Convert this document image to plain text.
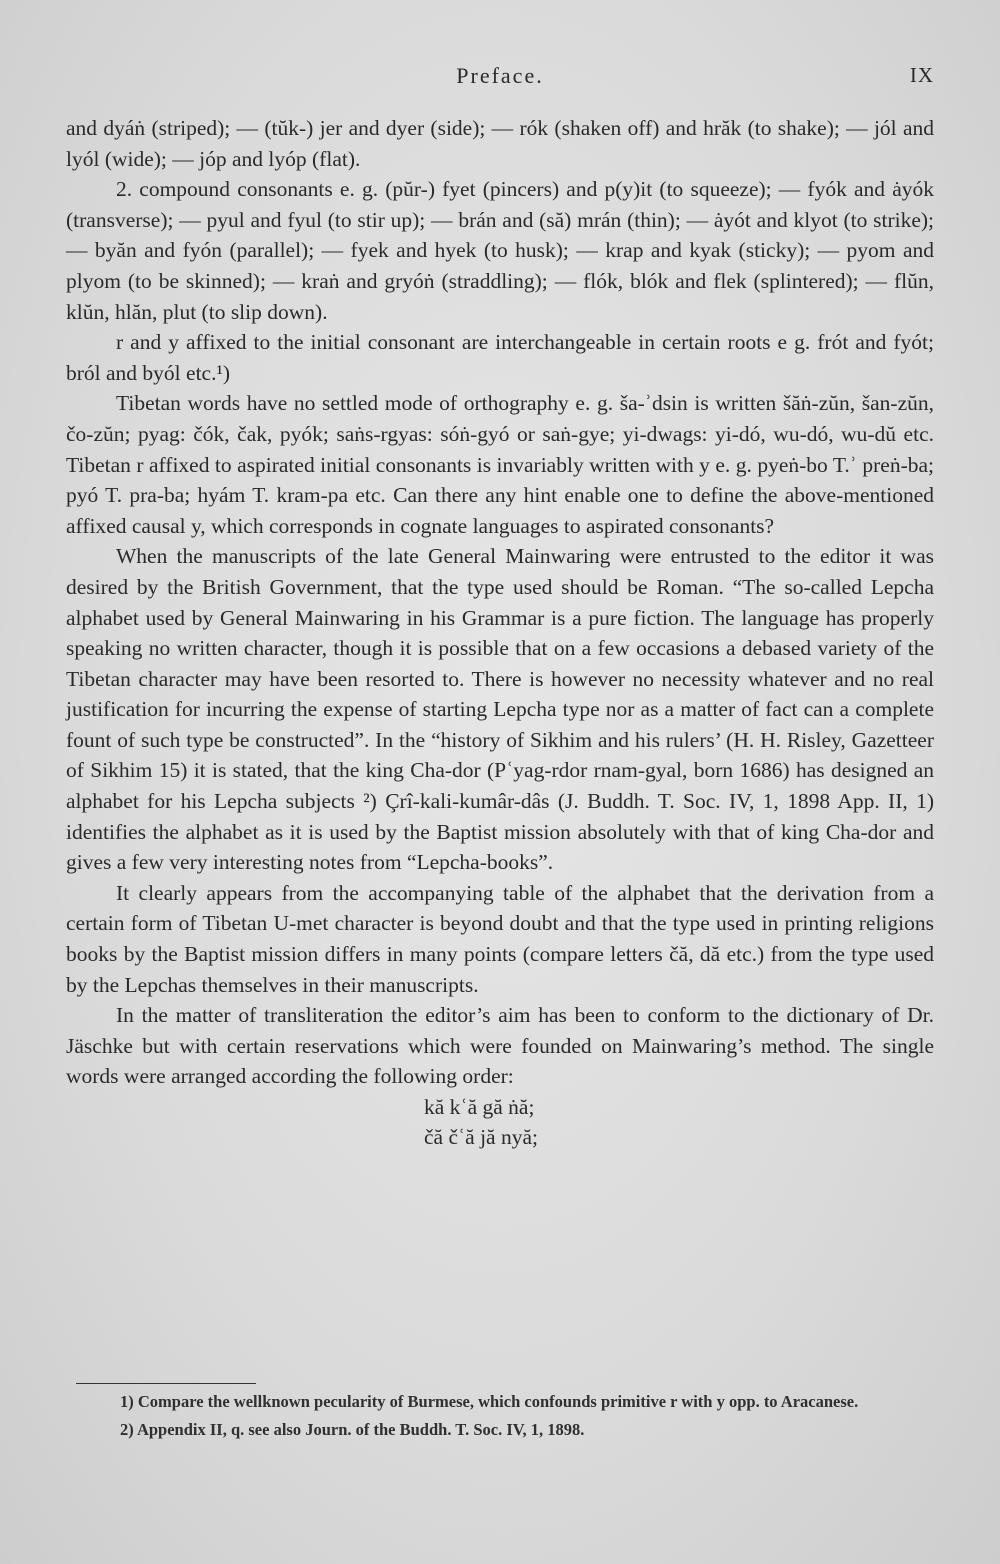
Preface.	IX

and dyáṅ (striped); — (tŭk-) jer and dyer (side); — rók (shaken off) and hrăk (to shake); — jól and lyól (wide); — jóp and lyóp (flat).

2. compound consonants e. g. (pŭr-) fyet (pincers) and p(y)it (to squeeze); — fyók and ȧyók (transverse); — pyul and fyul (to stir up); — brán and (să) mrán (thin); — ȧyót and klyot (to strike); — byăn and fyón (parallel); — fyek and hyek (to husk); — krap and kyak (sticky); — pyom and plyom (to be skinned); — kraṅ and gryóṅ (straddling); — flók, blók and flek (splintered); — flŭn, klŭn, hlăn, plut (to slip down).

r and y affixed to the initial consonant are interchangeable in certain roots e g. frót and fyót; bról and byól etc.¹)

Tibetan words have no settled mode of orthography e. g. ša-ʾdsin is written šăṅ-zŭn, šan-zŭn, čo-zŭn; pyag: čók, čak, pyók; saṅs-rgyas: sóṅ-gyó or saṅ-gye; yi-dwags: yi-dó, wu-dó, wu-dŭ etc. Tibetan r affixed to aspirated initial consonants is invariably written with y e. g. pyeṅ-bo T.ʾ preṅ-ba; pyó T. pra-ba; hyám T. kram-pa etc. Can there any hint enable one to define the above-mentioned affixed causal y, which corresponds in cognate languages to aspirated consonants?

When the manuscripts of the late General Mainwaring were entrusted to the editor it was desired by the British Government, that the type used should be Roman. “The so-called Lepcha alphabet used by General Mainwaring in his Grammar is a pure fiction. The language has properly speaking no written character, though it is possible that on a few occasions a debased variety of the Tibetan character may have been resorted to. There is however no necessity whatever and no real justification for incurring the expense of starting Lepcha type nor as a matter of fact can a complete fount of such type be constructed”. In the “history of Sikhim and his rulers’ (H. H. Risley, Gazetteer of Sikhim 15) it is stated, that the king Cha-dor (Pʿyag-rdor rnam-gyal, born 1686) has designed an alphabet for his Lepcha subjects ²) Çrî-kali-kumâr-dâs (J. Buddh. T. Soc. IV, 1, 1898 App. II, 1) identifies the alphabet as it is used by the Baptist mission absolutely with that of king Cha-dor and gives a few very interesting notes from “Lepcha-books”.

It clearly appears from the accompanying table of the alphabet that the derivation from a certain form of Tibetan U-met character is beyond doubt and that the type used in printing religions books by the Baptist mission differs in many points (compare letters čă, dă etc.) from the type used by the Lepchas themselves in their manuscripts.

In the matter of transliteration the editor’s aim has been to conform to the dictionary of Dr. Jäschke but with certain reservations which were founded on Mainwaring’s method. The single words were arranged according the following order:

kă kʿă gă ṅă;
čă čʿă jă nyă;

1) Compare the wellknown pecularity of Burmese, which confounds primitive r with y opp. to Aracanese.

2) Appendix II, q. see also Journ. of the Buddh. T. Soc. IV, 1, 1898.
